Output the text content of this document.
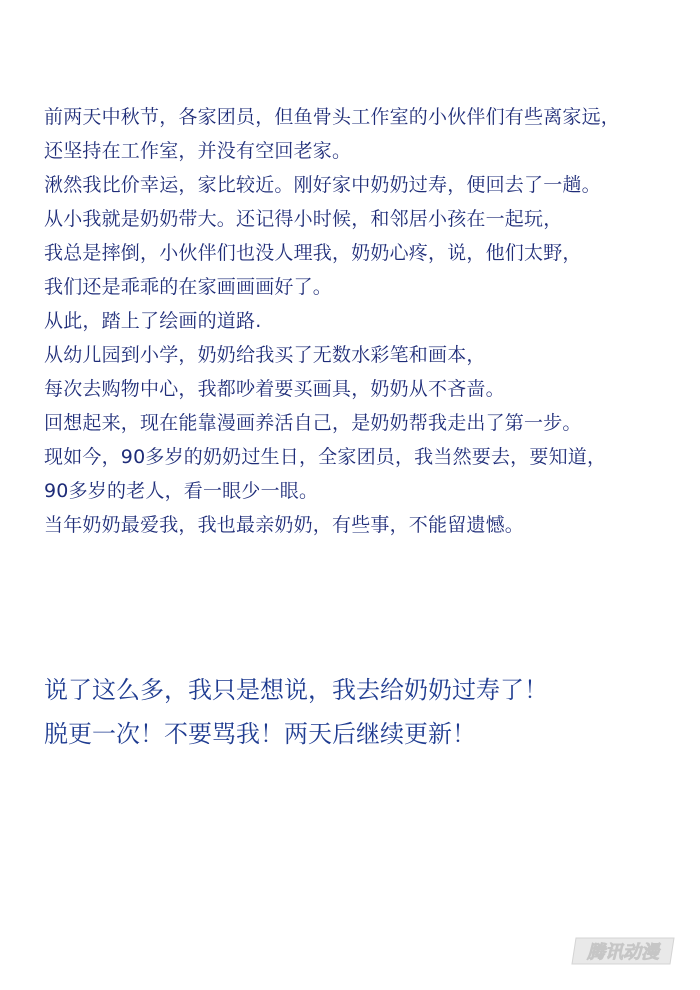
前两天中秋节，各家团员，但鱼骨头工作室的小伙伴们有些离家远，
还坚持在工作室，并没有空回老家。
湫然我比价幸运，家比较近。刚好家中奶奶过寿，便回去了一趟。
从小我就是奶奶带大。还记得小时候，和邻居小孩在一起玩，
我总是摔倒，小伙伴们也没人理我，奶奶心疼，说，他们太野，
我们还是乖乖的在家画画画好了。
从此，踏上了绘画的道路.
从幼儿园到小学，奶奶给我买了无数水彩笔和画本，
每次去购物中心，我都吵着要买画具，奶奶从不吝啬。
回想起来，现在能靠漫画养活自己，是奶奶帮我走出了第一步。
现如今，90多岁的奶奶过生日，全家团员，我当然要去，要知道，
90多岁的老人，看一眼少一眼。
当年奶奶最爱我，我也最亲奶奶，有些事，不能留遗憾。
说了这么多，我只是想说，我去给奶奶过寿了！
脱更一次！不要骂我！两天后继续更新！
腾讯动漫
